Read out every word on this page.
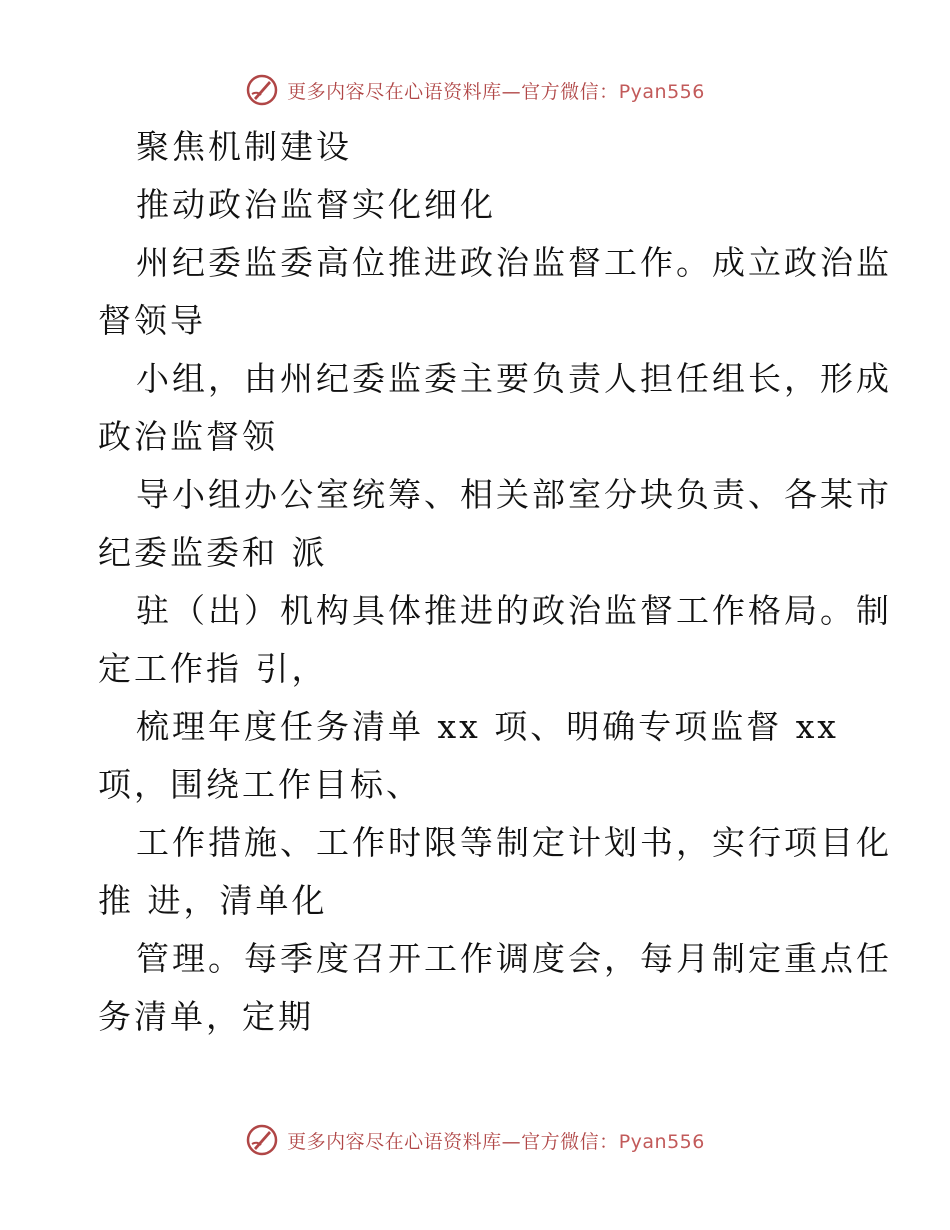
更多内容尽在心语资料库—官方微信：Pyan556
聚焦机制建设
推动政治监督实化细化
州纪委监委高位推进政治监督工作。成立政治监
督领导
小组，由州纪委监委主要负责人担任组长，形成
政治监督领
导小组办公室统筹、相关部室分块负责、各某市
纪委监委和 派
驻（出）机构具体推进的政治监督工作格局。制
定工作指 引，
梳理年度任务清单 xx 项、明确专项监督 xx
项，围绕工作目标、
工作措施、工作时限等制定计划书，实行项目化
推 进，清单化
管理。每季度召开工作调度会，每月制定重点任
务清单，定期
更多内容尽在心语资料库—官方微信：Pyan556
